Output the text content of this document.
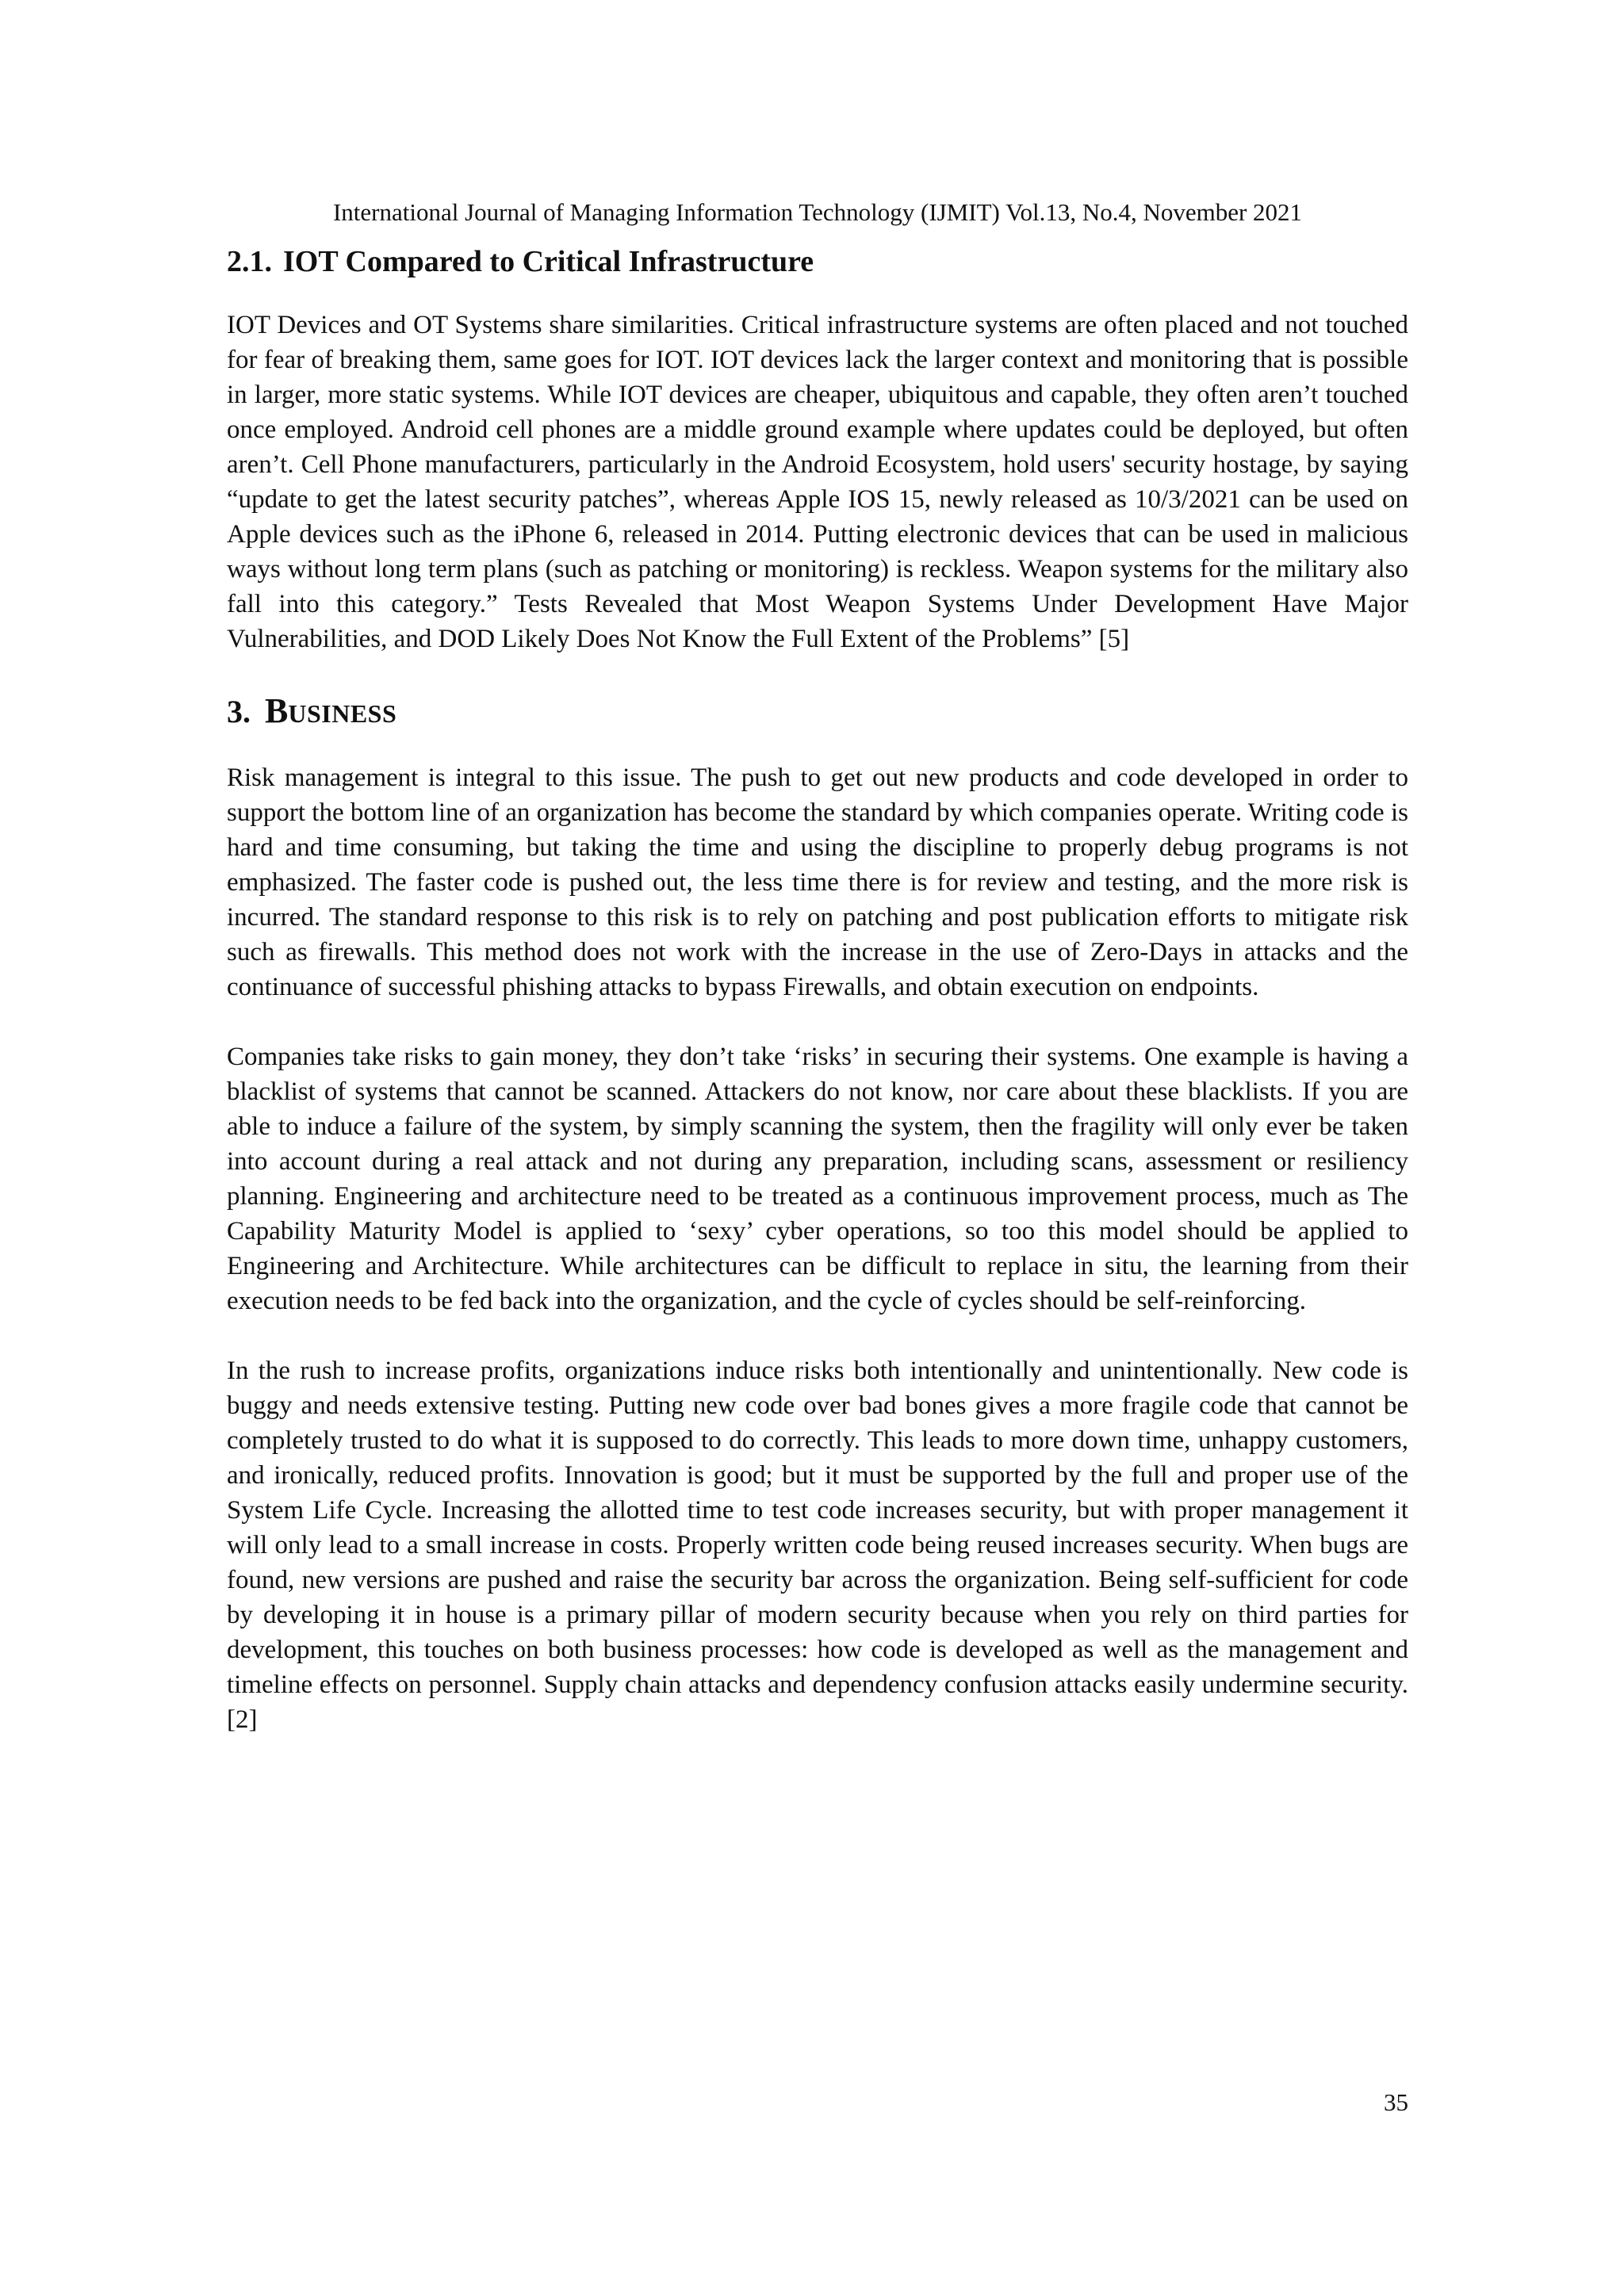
International Journal of Managing Information Technology (IJMIT) Vol.13, No.4, November 2021
2.1. IOT Compared to Critical Infrastructure

IOT Devices and OT Systems share similarities. Critical infrastructure systems are often placed and not touched for fear of breaking them, same goes for IOT. IOT devices lack the larger context and monitoring that is possible in larger, more static systems. While IOT devices are cheaper, ubiquitous and capable, they often aren’t touched once employed. Android cell phones are a middle ground example where updates could be deployed, but often aren’t. Cell Phone manufacturers, particularly in the Android Ecosystem, hold users' security hostage, by saying “update to get the latest security patches”, whereas Apple IOS 15, newly released as 10/3/2021 can be used on Apple devices such as the iPhone 6, released in 2014. Putting electronic devices that can be used in malicious ways without long term plans (such as patching or monitoring) is reckless. Weapon systems for the military also fall into this category.” Tests Revealed that Most Weapon Systems Under Development Have Major Vulnerabilities, and DOD Likely Does Not Know the Full Extent of the Problems” [5]

3. BUSINESS

Risk management is integral to this issue. The push to get out new products and code developed in order to support the bottom line of an organization has become the standard by which companies operate. Writing code is hard and time consuming, but taking the time and using the discipline to properly debug programs is not emphasized. The faster code is pushed out, the less time there is for review and testing, and the more risk is incurred. The standard response to this risk is to rely on patching and post publication efforts to mitigate risk such as firewalls. This method does not work with the increase in the use of Zero-Days in attacks and the continuance of successful phishing attacks to bypass Firewalls, and obtain execution on endpoints.

Companies take risks to gain money, they don’t take ‘risks’ in securing their systems. One example is having a blacklist of systems that cannot be scanned. Attackers do not know, nor care about these blacklists. If you are able to induce a failure of the system, by simply scanning the system, then the fragility will only ever be taken into account during a real attack and not during any preparation, including scans, assessment or resiliency planning. Engineering and architecture need to be treated as a continuous improvement process, much as The Capability Maturity Model is applied to ‘sexy’ cyber operations, so too this model should be applied to Engineering and Architecture. While architectures can be difficult to replace in situ, the learning from their execution needs to be fed back into the organization, and the cycle of cycles should be self-reinforcing.

In the rush to increase profits, organizations induce risks both intentionally and unintentionally. New code is buggy and needs extensive testing. Putting new code over bad bones gives a more fragile code that cannot be completely trusted to do what it is supposed to do correctly. This leads to more down time, unhappy customers, and ironically, reduced profits. Innovation is good; but it must be supported by the full and proper use of the System Life Cycle. Increasing the allotted time to test code increases security, but with proper management it will only lead to a small increase in costs. Properly written code being reused increases security. When bugs are found, new versions are pushed and raise the security bar across the organization. Being self-sufficient for code by developing it in house is a primary pillar of modern security because when you rely on third parties for development, this touches on both business processes: how code is developed as well as the management and timeline effects on personnel. Supply chain attacks and dependency confusion attacks easily undermine security.[2]

35
